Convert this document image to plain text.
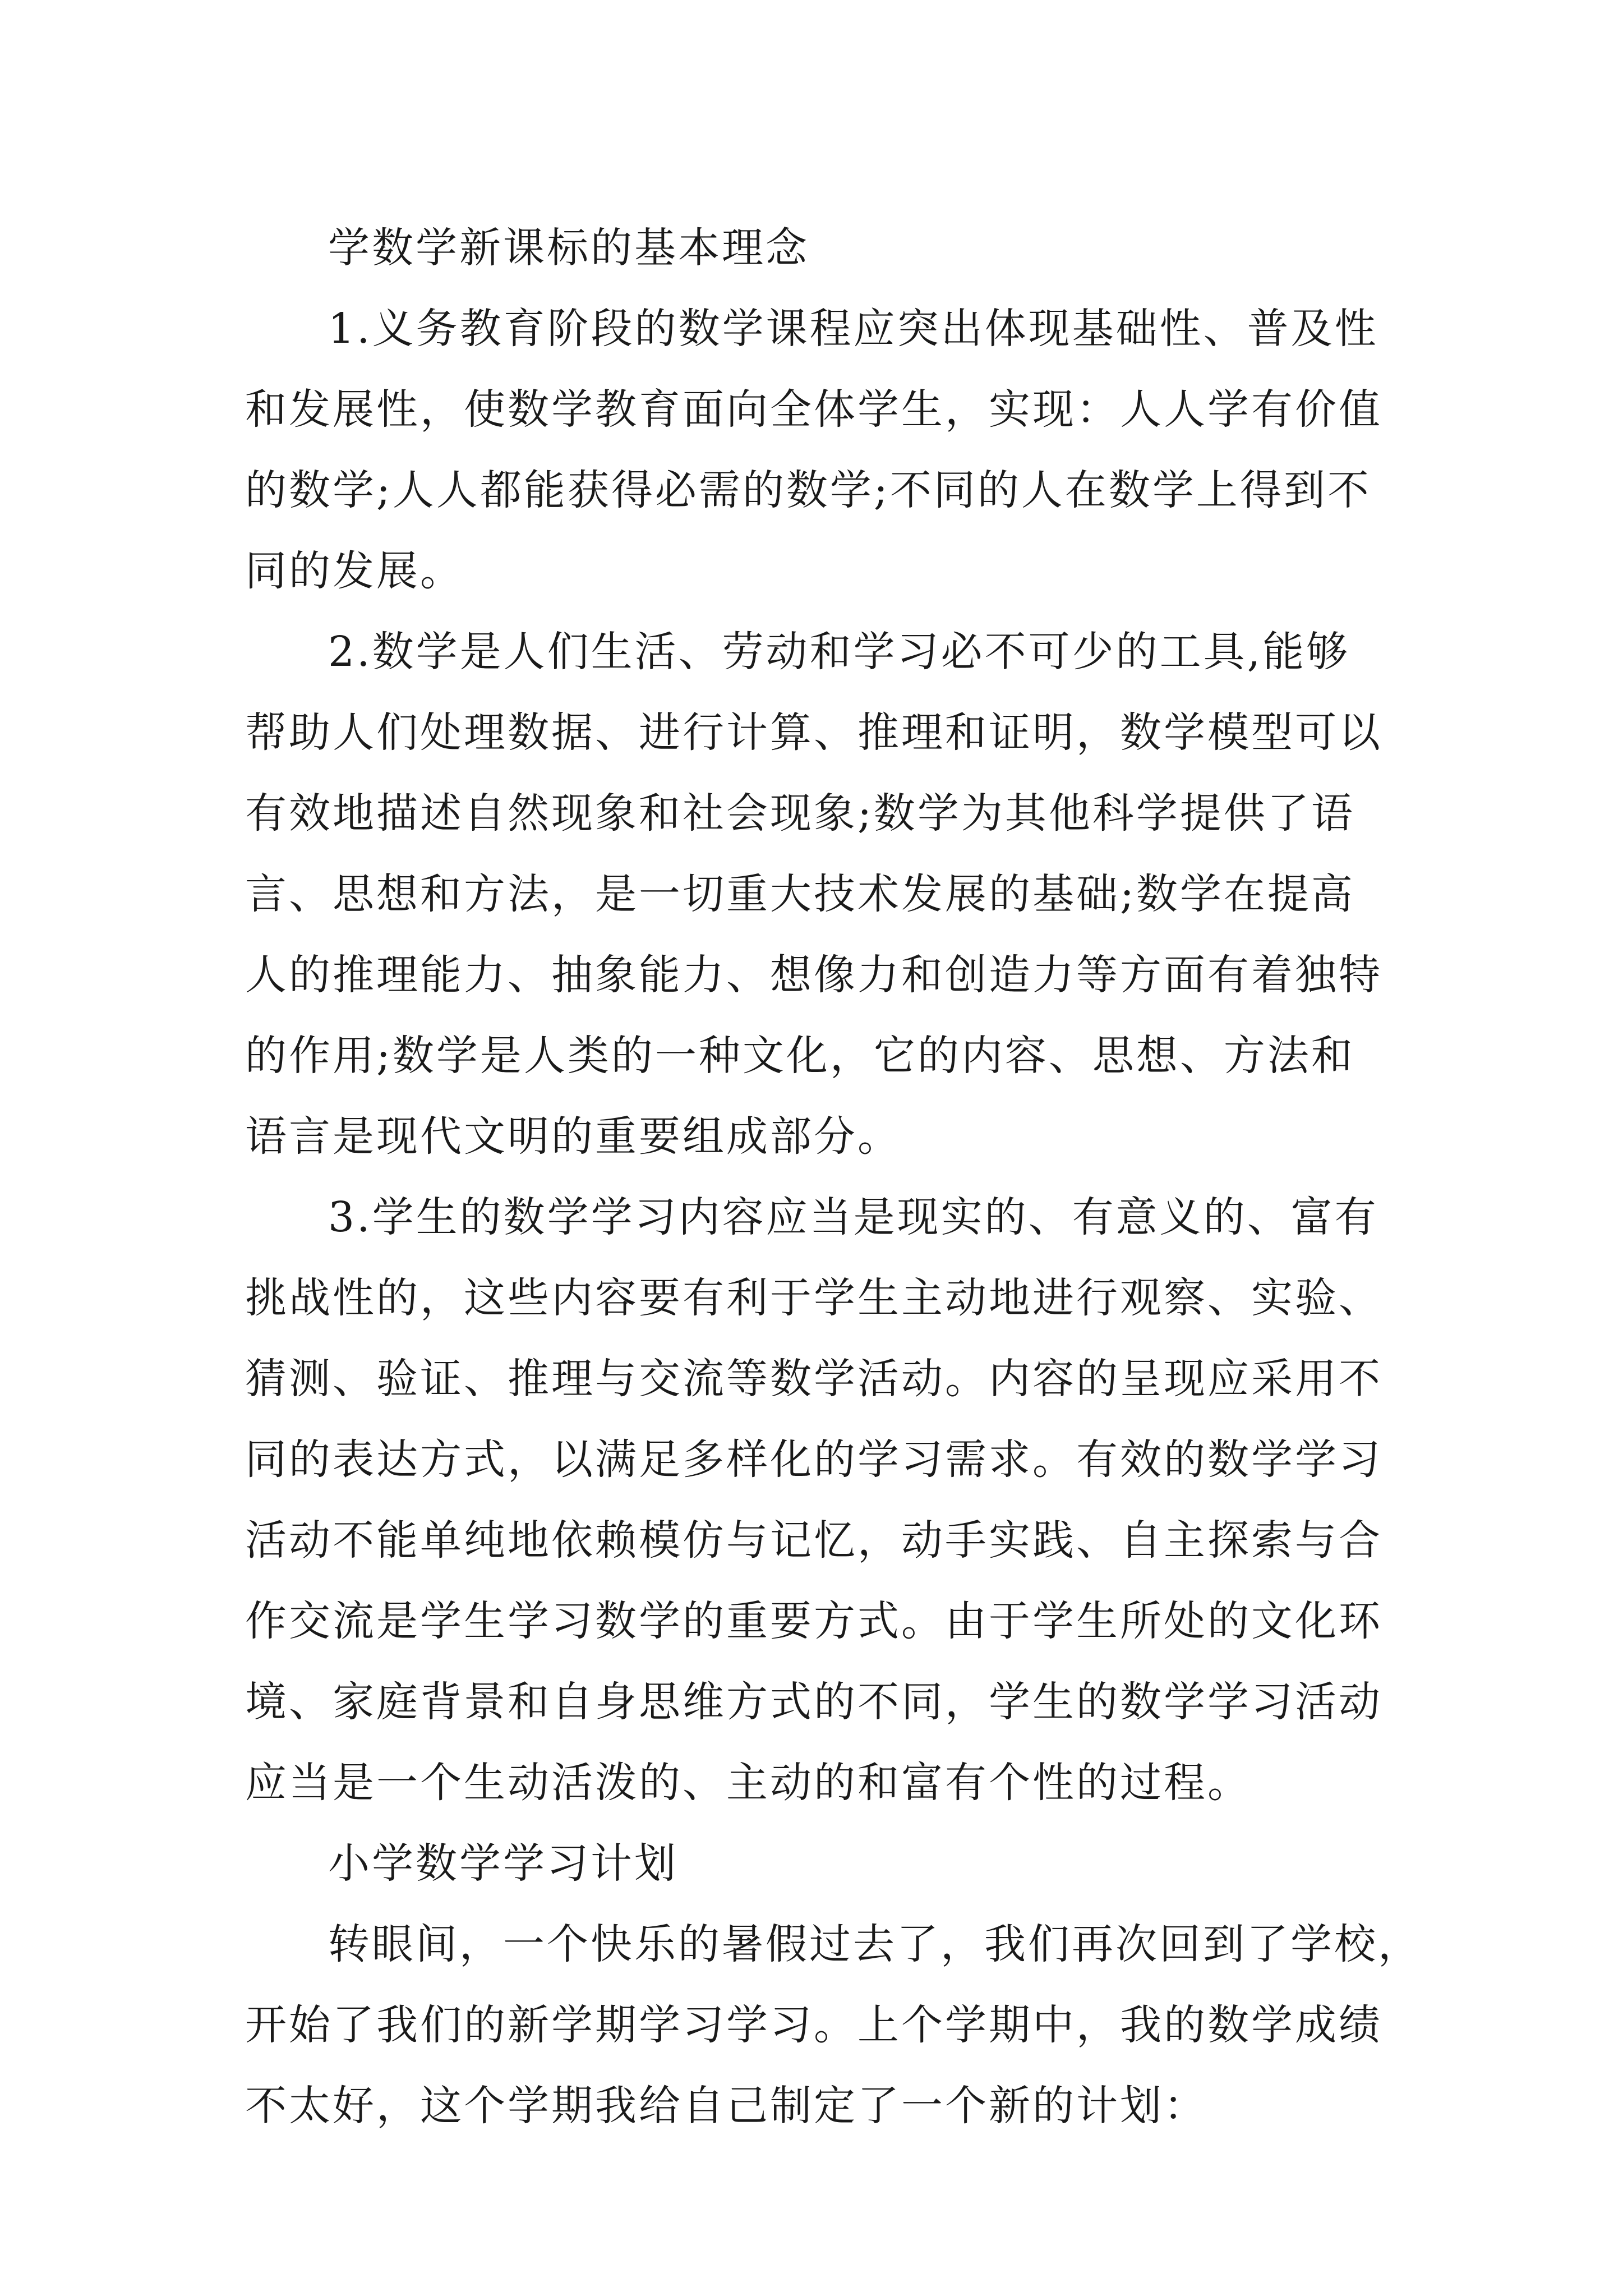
学数学新课标的基本理念
1.义务教育阶段的数学课程应突出体现基础性、普及性
和发展性，使数学教育面向全体学生，实现：人人学有价值
的数学;人人都能获得必需的数学;不同的人在数学上得到不
同的发展。
2.数学是人们生活、劳动和学习必不可少的工具,能够
帮助人们处理数据、进行计算、推理和证明，数学模型可以
有效地描述自然现象和社会现象;数学为其他科学提供了语
言、思想和方法，是一切重大技术发展的基础;数学在提高
人的推理能力、抽象能力、想像力和创造力等方面有着独特
的作用;数学是人类的一种文化，它的内容、思想、方法和
语言是现代文明的重要组成部分。
3.学生的数学学习内容应当是现实的、有意义的、富有
挑战性的，这些内容要有利于学生主动地进行观察、实验、
猜测、验证、推理与交流等数学活动。内容的呈现应采用不
同的表达方式，以满足多样化的学习需求。有效的数学学习
活动不能单纯地依赖模仿与记忆，动手实践、自主探索与合
作交流是学生学习数学的重要方式。由于学生所处的文化环
境、家庭背景和自身思维方式的不同，学生的数学学习活动
应当是一个生动活泼的、主动的和富有个性的过程。
小学数学学习计划
转眼间，一个快乐的暑假过去了，我们再次回到了学校，
开始了我们的新学期学习学习。上个学期中，我的数学成绩
不太好，这个学期我给自己制定了一个新的计划：
